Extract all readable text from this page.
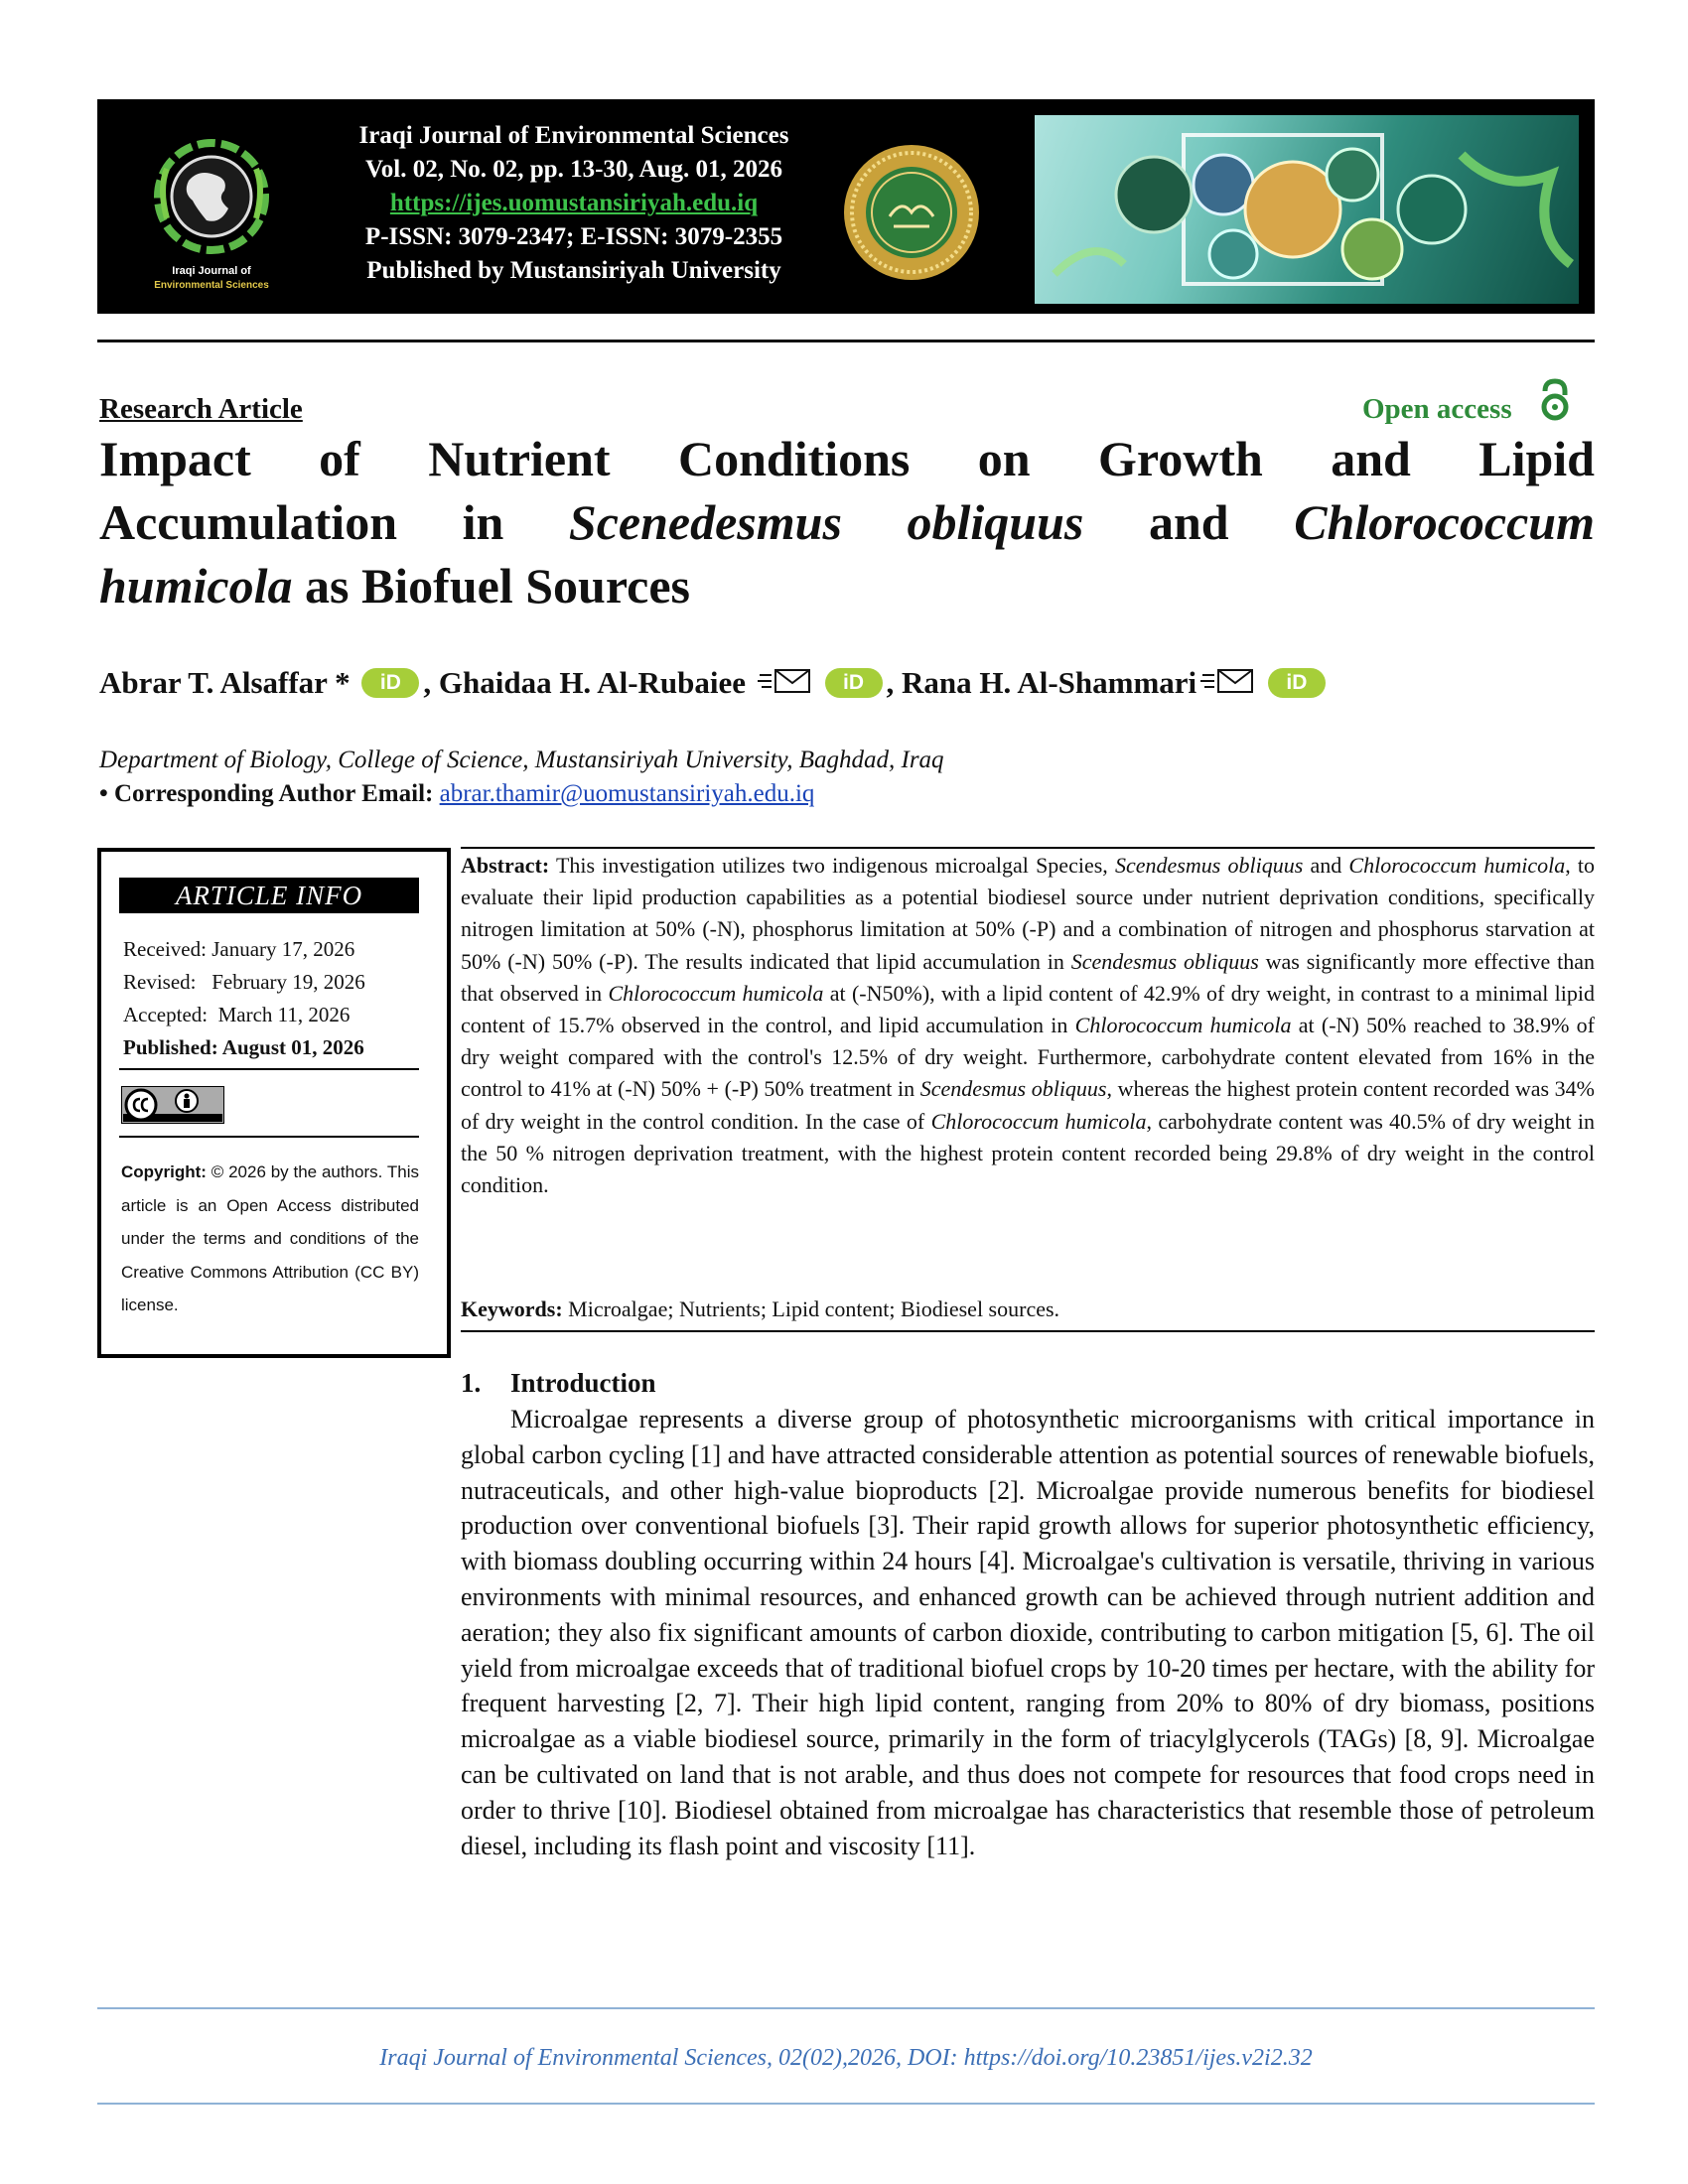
Iraqi Journal of
Environmental Sciences
Iraqi Journal of Environmental Sciences
Vol. 02, No. 02, pp. 13-30, Aug. 01, 2026
https://ijes.uomustansiriyah.edu.iq
P-ISSN: 3079-2347; E-ISSN: 3079-2355
Published by Mustansiriyah University
Research Article	Open access
Impact of Nutrient Conditions on Growth and Lipid
Accumulation in Scenedesmus obliquus and Chlorococcum
humicola as Biofuel Sources
Abrar T. Alsaffar * iD , Ghaidaa H. Al-Rubaiee	iD , Rana H. Al-Shammari	iD
Department of Biology, College of Science, Mustansiriyah University, Baghdad, Iraq
• Corresponding Author Email: abrar.thamir@uomustansiriyah.edu.iq
ARTICLE INFO
Received: January 17, 2026
Revised:   February 19, 2026
Accepted:  March 11, 2026
Published: August 01, 2026
Copyright: © 2026 by the authors. This article is an Open Access distributed under the terms and conditions of the Creative Commons Attribution (CC BY) license.
Abstract: This investigation utilizes two indigenous microalgal Species, Scendesmus obliquus and Chlorococcum humicola, to evaluate their lipid production capabilities as a potential biodiesel source under nutrient deprivation conditions, specifically nitrogen limitation at 50% (-N), phosphorus limitation at 50% (-P) and a combination of nitrogen and phosphorus starvation at 50% (-N) 50% (-P). The results indicated that lipid accumulation in Scendesmus obliquus was significantly more effective than that observed in Chlorococcum humicola at (-N50%), with a lipid content of 42.9% of dry weight, in contrast to a minimal lipid content of 15.7% observed in the control, and lipid accumulation in Chlorococcum humicola at (-N) 50% reached to 38.9% of dry weight compared with the control's 12.5% of dry weight. Furthermore, carbohydrate content elevated from 16% in the control to 41% at (-N) 50% + (-P) 50% treatment in Scendesmus obliquus, whereas the highest protein content recorded was 34% of dry weight in the control condition. In the case of Chlorococcum humicola, carbohydrate content was 40.5% of dry weight in the 50 % nitrogen deprivation treatment, with the highest protein content recorded being 29.8% of dry weight in the control condition.
Keywords: Microalgae; Nutrients; Lipid content; Biodiesel sources.
1. Introduction

Microalgae represents a diverse group of photosynthetic microorganisms with critical importance in global carbon cycling [1] and have attracted considerable attention as potential sources of renewable biofuels, nutraceuticals, and other high-value bioproducts [2]. Microalgae provide numerous benefits for biodiesel production over conventional biofuels [3]. Their rapid growth allows for superior photosynthetic efficiency, with biomass doubling occurring within 24 hours [4]. Microalgae's cultivation is versatile, thriving in various environments with minimal resources, and enhanced growth can be achieved through nutrient addition and aeration; they also fix significant amounts of carbon dioxide, contributing to carbon mitigation [5, 6]. The oil yield from microalgae exceeds that of traditional biofuel crops by 10-20 times per hectare, with the ability for frequent harvesting [2, 7]. Their high lipid content, ranging from 20% to 80% of dry biomass, positions microalgae as a viable biodiesel source, primarily in the form of triacylglycerols (TAGs) [8, 9]. Microalgae can be cultivated on land that is not arable, and thus does not compete for resources that food crops need in order to thrive [10]. Biodiesel obtained from microalgae has characteristics that resemble those of petroleum diesel, including its flash point and viscosity [11].

Iraqi Journal of Environmental Sciences, 02(02),2026, DOI: https://doi.org/10.23851/ijes.v2i2.32
